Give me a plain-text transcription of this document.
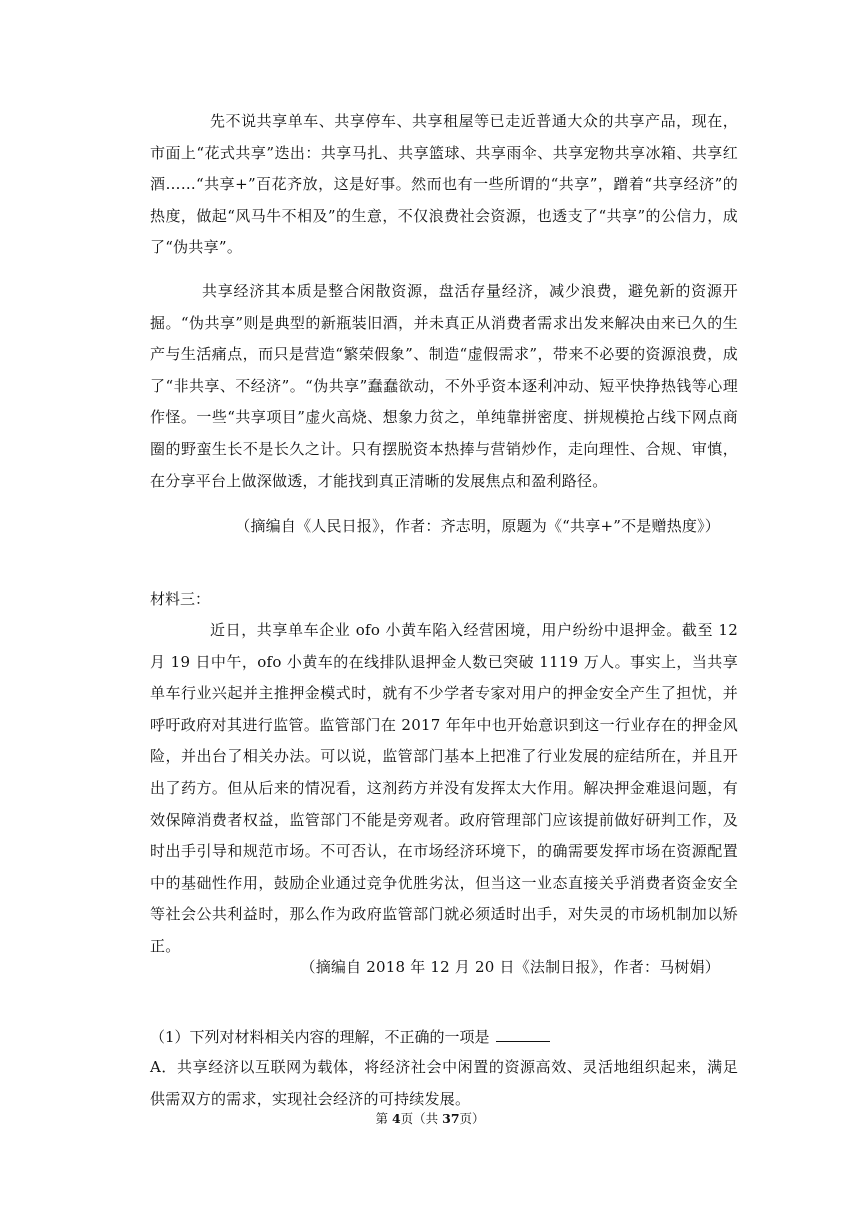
先不说共享单车、共享停车、共享租屋等已走近普通大众的共享产品，现在，市面上“花式共享”迭出：共享马扎、共享篮球、共享雨伞、共享宠物共享冰箱、共享红酒……“共享+”百花齐放，这是好事。然而也有一些所谓的“共享”，蹭着“共享经济”的热度，做起“风马牛不相及”的生意，不仅浪费社会资源，也透支了“共享”的公信力，成了“伪共享”。

共享经济其本质是整合闲散资源，盘活存量经济，减少浪费，避免新的资源开掘。“伪共享”则是典型的新瓶装旧酒，并未真正从消费者需求出发来解决由来已久的生产与生活痛点，而只是营造“繁荣假象”、制造“虚假需求”，带来不必要的资源浪费，成了“非共享、不经济”。“伪共享”蠢蠢欲动，不外乎资本逐利冲动、短平快挣热钱等心理作怪。一些“共享项目”虚火高烧、想象力贫之，单纯靠拼密度、拼规模抢占线下网点商圈的野蛮生长不是长久之计。只有摆脱资本热捧与营销炒作，走向理性、合规、审慎，在分享平台上做深做透，才能找到真正清晰的发展焦点和盈利路径。

（摘编自《人民日报》，作者：齐志明，原题为《“共享+”不是赠热度》）

材料三：

近日，共享单车企业 ofo 小黄车陷入经营困境，用户纷纷中退押金。截至 12 月 19 日中午，ofo 小黄车的在线排队退押金人数已突破 1119 万人。事实上，当共享单车行业兴起并主推押金模式时，就有不少学者专家对用户的押金安全产生了担忧，并呼吁政府对其进行监管。监管部门在 2017 年年中也开始意识到这一行业存在的押金风险，并出台了相关办法。可以说，监管部门基本上把准了行业发展的症结所在，并且开出了药方。但从后来的情况看，这剂药方并没有发挥太大作用。解决押金难退问题，有效保障消费者权益，监管部门不能是旁观者。政府管理部门应该提前做好研判工作，及时出手引导和规范市场。不可否认，在市场经济环境下，的确需要发挥市场在资源配置中的基础性作用，鼓励企业通过竞争优胜劣汰，但当这一业态直接关乎消费者资金安全等社会公共利益时，那么作为政府监管部门就必须适时出手，对失灵的市场机制加以矫正。

（摘编自 2018 年 12 月 20 日《法制日报》，作者：马树娟）

（1）下列对材料相关内容的理解，不正确的一项是

A．共享经济以互联网为载体，将经济社会中闲置的资源高效、灵活地组织起来，满足供需双方的需求，实现社会经济的可持续发展。

第 4页（共 37页）
